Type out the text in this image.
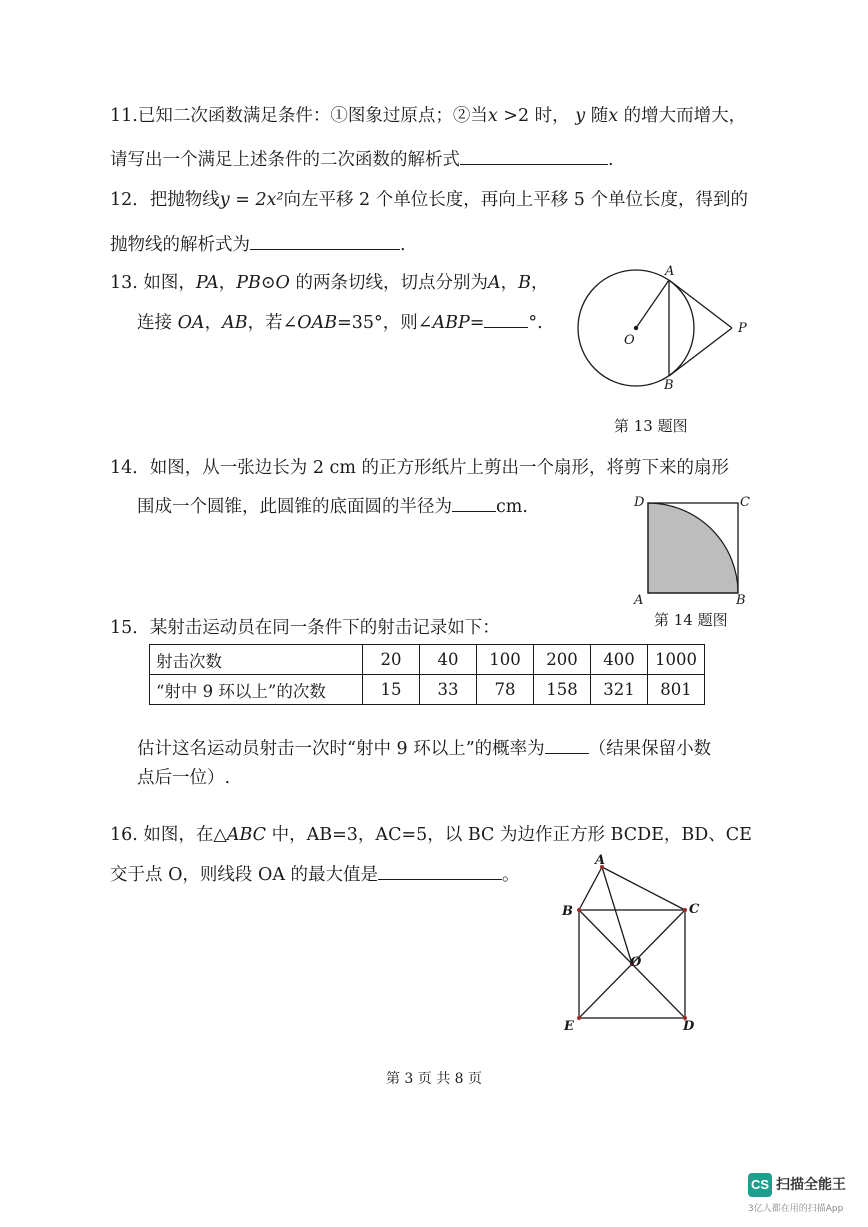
11.已知二次函数满足条件：①图象过原点；②当x >2 时， y 随x 的增大而增大，
请写出一个满足上述条件的二次函数的解析式	.
12．把抛物线y = 2x²向左平移 2 个单位长度，再向上平移 5 个单位长度，得到的
抛物线的解析式为	.
13. 如图，PA，PB⊙O 的两条切线，切点分别为A，B，
连接 OA，AB，若∠OAB=35°，则∠ABP=	°.
A
B
O
P
第 13 题图
14．如图，从一张边长为 2 cm 的正方形纸片上剪出一个扇形，将剪下来的扇形
围成一个圆锥，此圆锥的底面圆的半径为	cm.	D	C
A	B
第 14 题图
15．某射击运动员在同一条件下的射击记录如下：
射击次数	20	40	100	200	400	1000
“射中 9 环以上”的次数	15	33	78	158	321	801
估计这名运动员射击一次时“射中 9 环以上”的概率为	（结果保留小数
点后一位）.
16. 如图，在△ABC 中，AB=3，AC=5，以 BC 为边作正方形 BCDE，BD、CE
交于点 O，则线段 OA 的最大值是	。
A
B	C
D
E
O
第 3 页 共 8 页
CS 扫描全能王
3亿人都在用的扫描App
